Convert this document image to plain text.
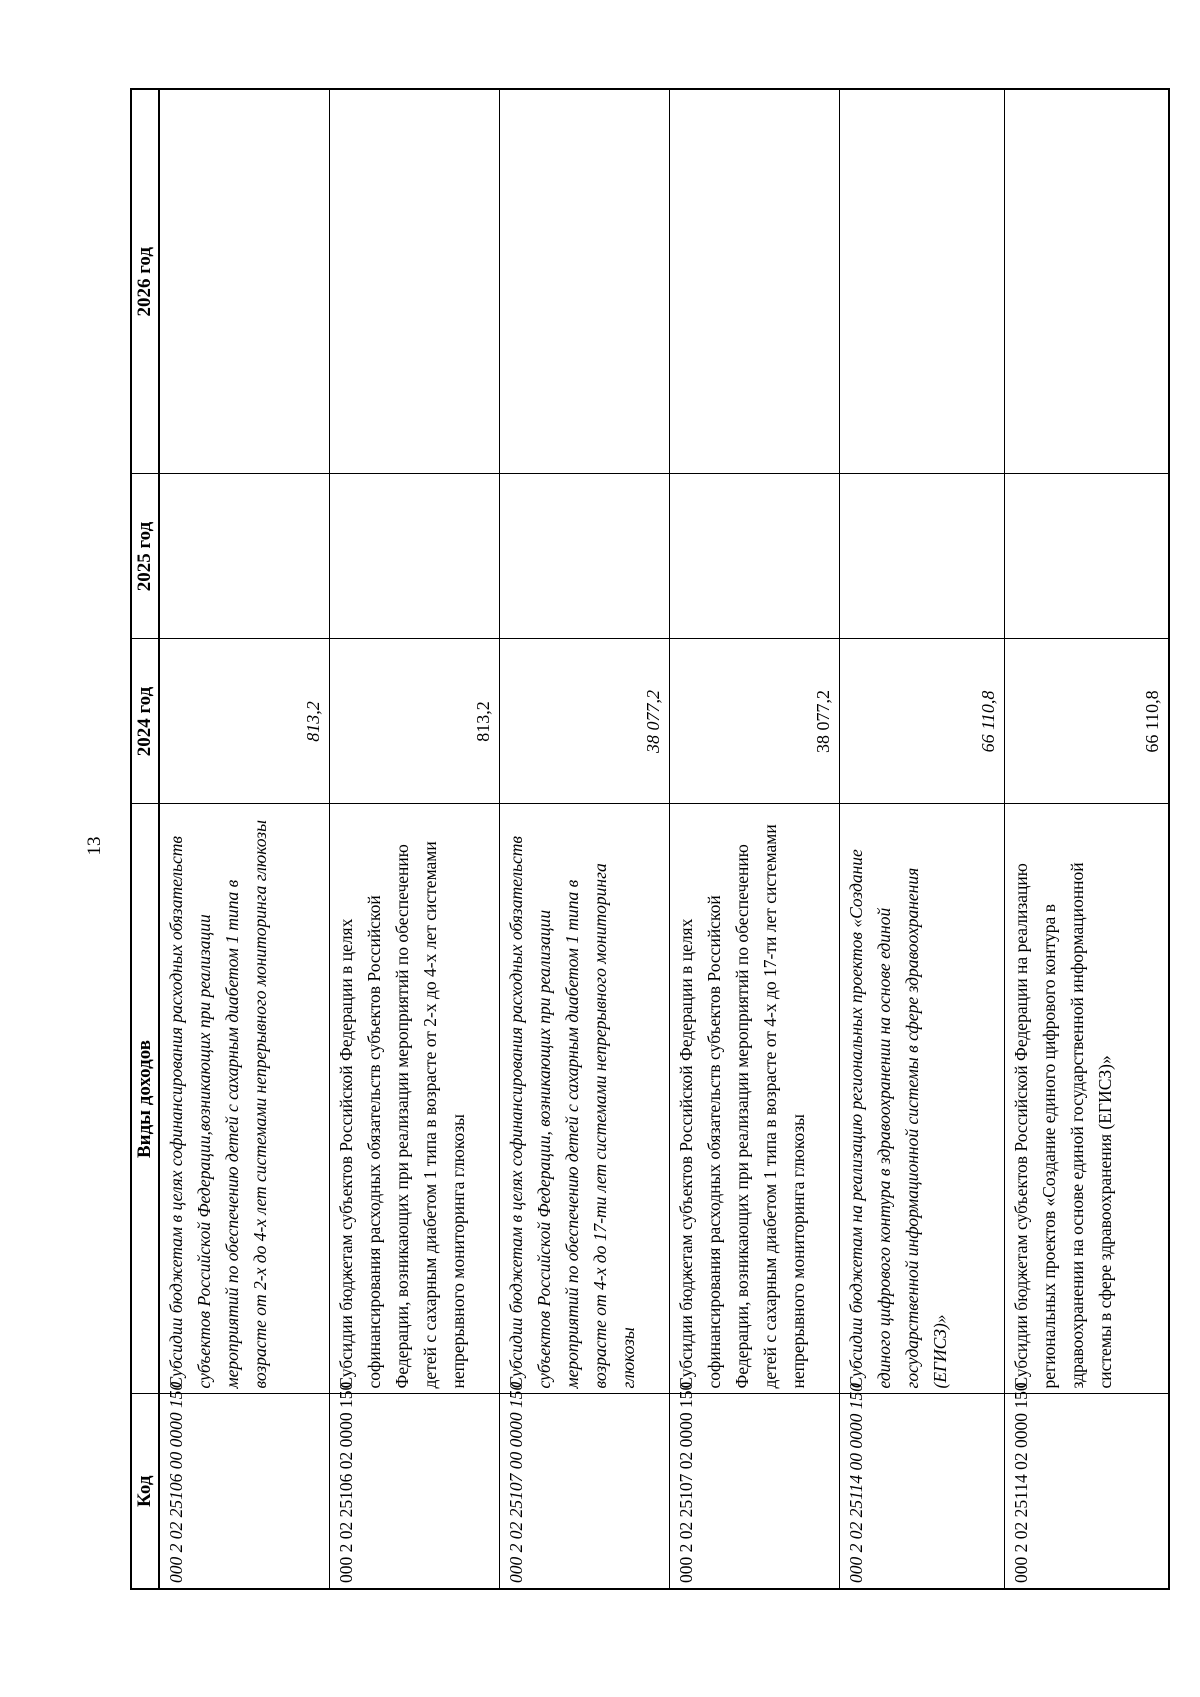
13
Код	Виды доходов	2024 год	2025 год	2026 год
000 2 02 25106 00 0000 150	Субсидии бюджетам в целях софинансирования расходных обязательств субъектов Российской Федерации,возникающих при реализации мероприятий по обеспечению детей с сахарным диабетом 1 типа в возрасте от 2-х до 4-х лет системами непрерывного мониторинга глюкозы	813,2		
000 2 02 25106 02 0000 150	Субсидии бюджетам субъектов Российской Федерации в целях софинансирования расходных обязательств субъектов Российской Федерации, возникающих при реализации мероприятий по обеспечению детей с сахарным диабетом 1 типа в возрасте от 2-х до 4-х лет системами непрерывного мониторинга глюкозы	813,2		
000 2 02 25107 00 0000 150	Субсидии бюджетам в целях софинансирования расходных обязательств субъектов Российской Федерации, возникающих при реализации мероприятий по обеспечению детей с сахарным диабетом 1 типа в возрасте от 4-х до 17-ти лет системами непрерывного мониторинга глюкозы	38 077,2		
000 2 02 25107 02 0000 150	Субсидии бюджетам субъектов Российской Федерации в целях софинансирования расходных обязательств субъектов Российской Федерации, возникающих при реализации мероприятий по обеспечению детей с сахарным диабетом 1 типа в возрасте от 4-х до 17-ти лет системами непрерывного мониторинга глюкозы	38 077,2		
000 2 02 25114 00 0000 150	Субсидии бюджетам на реализацию региональных проектов «Создание единого цифрового контура в здравоохранении на основе единой государственной информационной системы в сфере здравоохранения (ЕГИСЗ)»	66 110,8		
000 2 02 25114 02 0000 150	Субсидии бюджетам субъектов Российской Федерации на реализацию региональных проектов «Создание единого цифрового контура в здравоохранении на основе единой государственной информационной системы в сфере здравоохранения (ЕГИСЗ)»	66 110,8		
